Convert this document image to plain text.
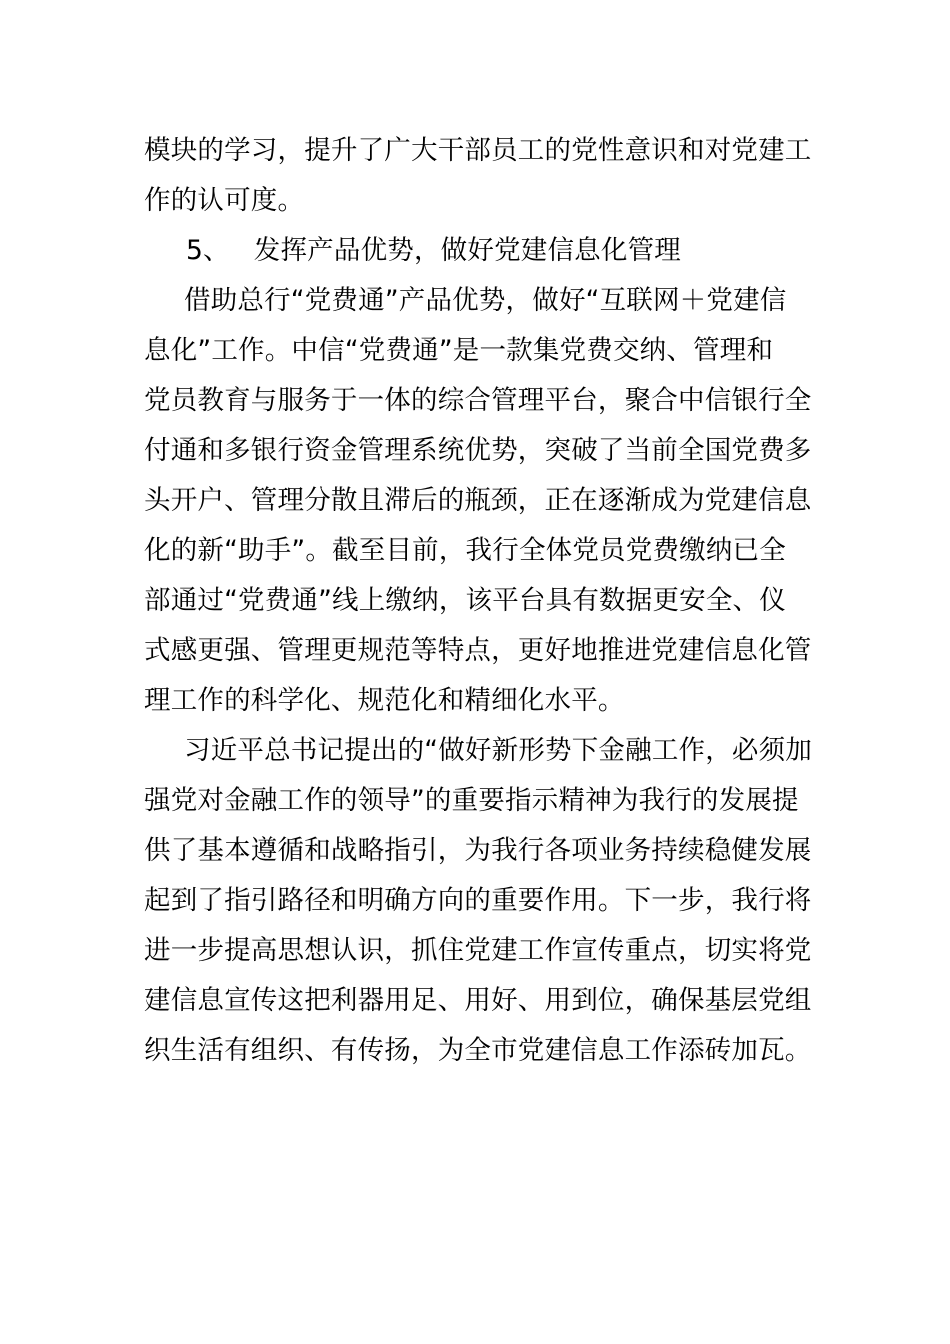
模块的学习，提升了广大干部员工的党性意识和对党建工
作的认可度。
5、 发挥产品优势，做好党建信息化管理
借助总行“党费通”产品优势，做好“互联网＋党建信
息化”工作。中信“党费通”是一款集党费交纳、管理和
党员教育与服务于一体的综合管理平台，聚合中信银行全
付通和多银行资金管理系统优势，突破了当前全国党费多
头开户、管理分散且滞后的瓶颈，正在逐渐成为党建信息
化的新“助手”。截至目前，我行全体党员党费缴纳已全
部通过“党费通”线上缴纳，该平台具有数据更安全、仪
式感更强、管理更规范等特点，更好地推进党建信息化管
理工作的科学化、规范化和精细化水平。
习近平总书记提出的“做好新形势下金融工作，必须加
强党对金融工作的领导”的重要指示精神为我行的发展提
供了基本遵循和战略指引，为我行各项业务持续稳健发展
起到了指引路径和明确方向的重要作用。下一步，我行将
进一步提高思想认识，抓住党建工作宣传重点，切实将党
建信息宣传这把利器用足、用好、用到位，确保基层党组
织生活有组织、有传扬，为全市党建信息工作添砖加瓦。
